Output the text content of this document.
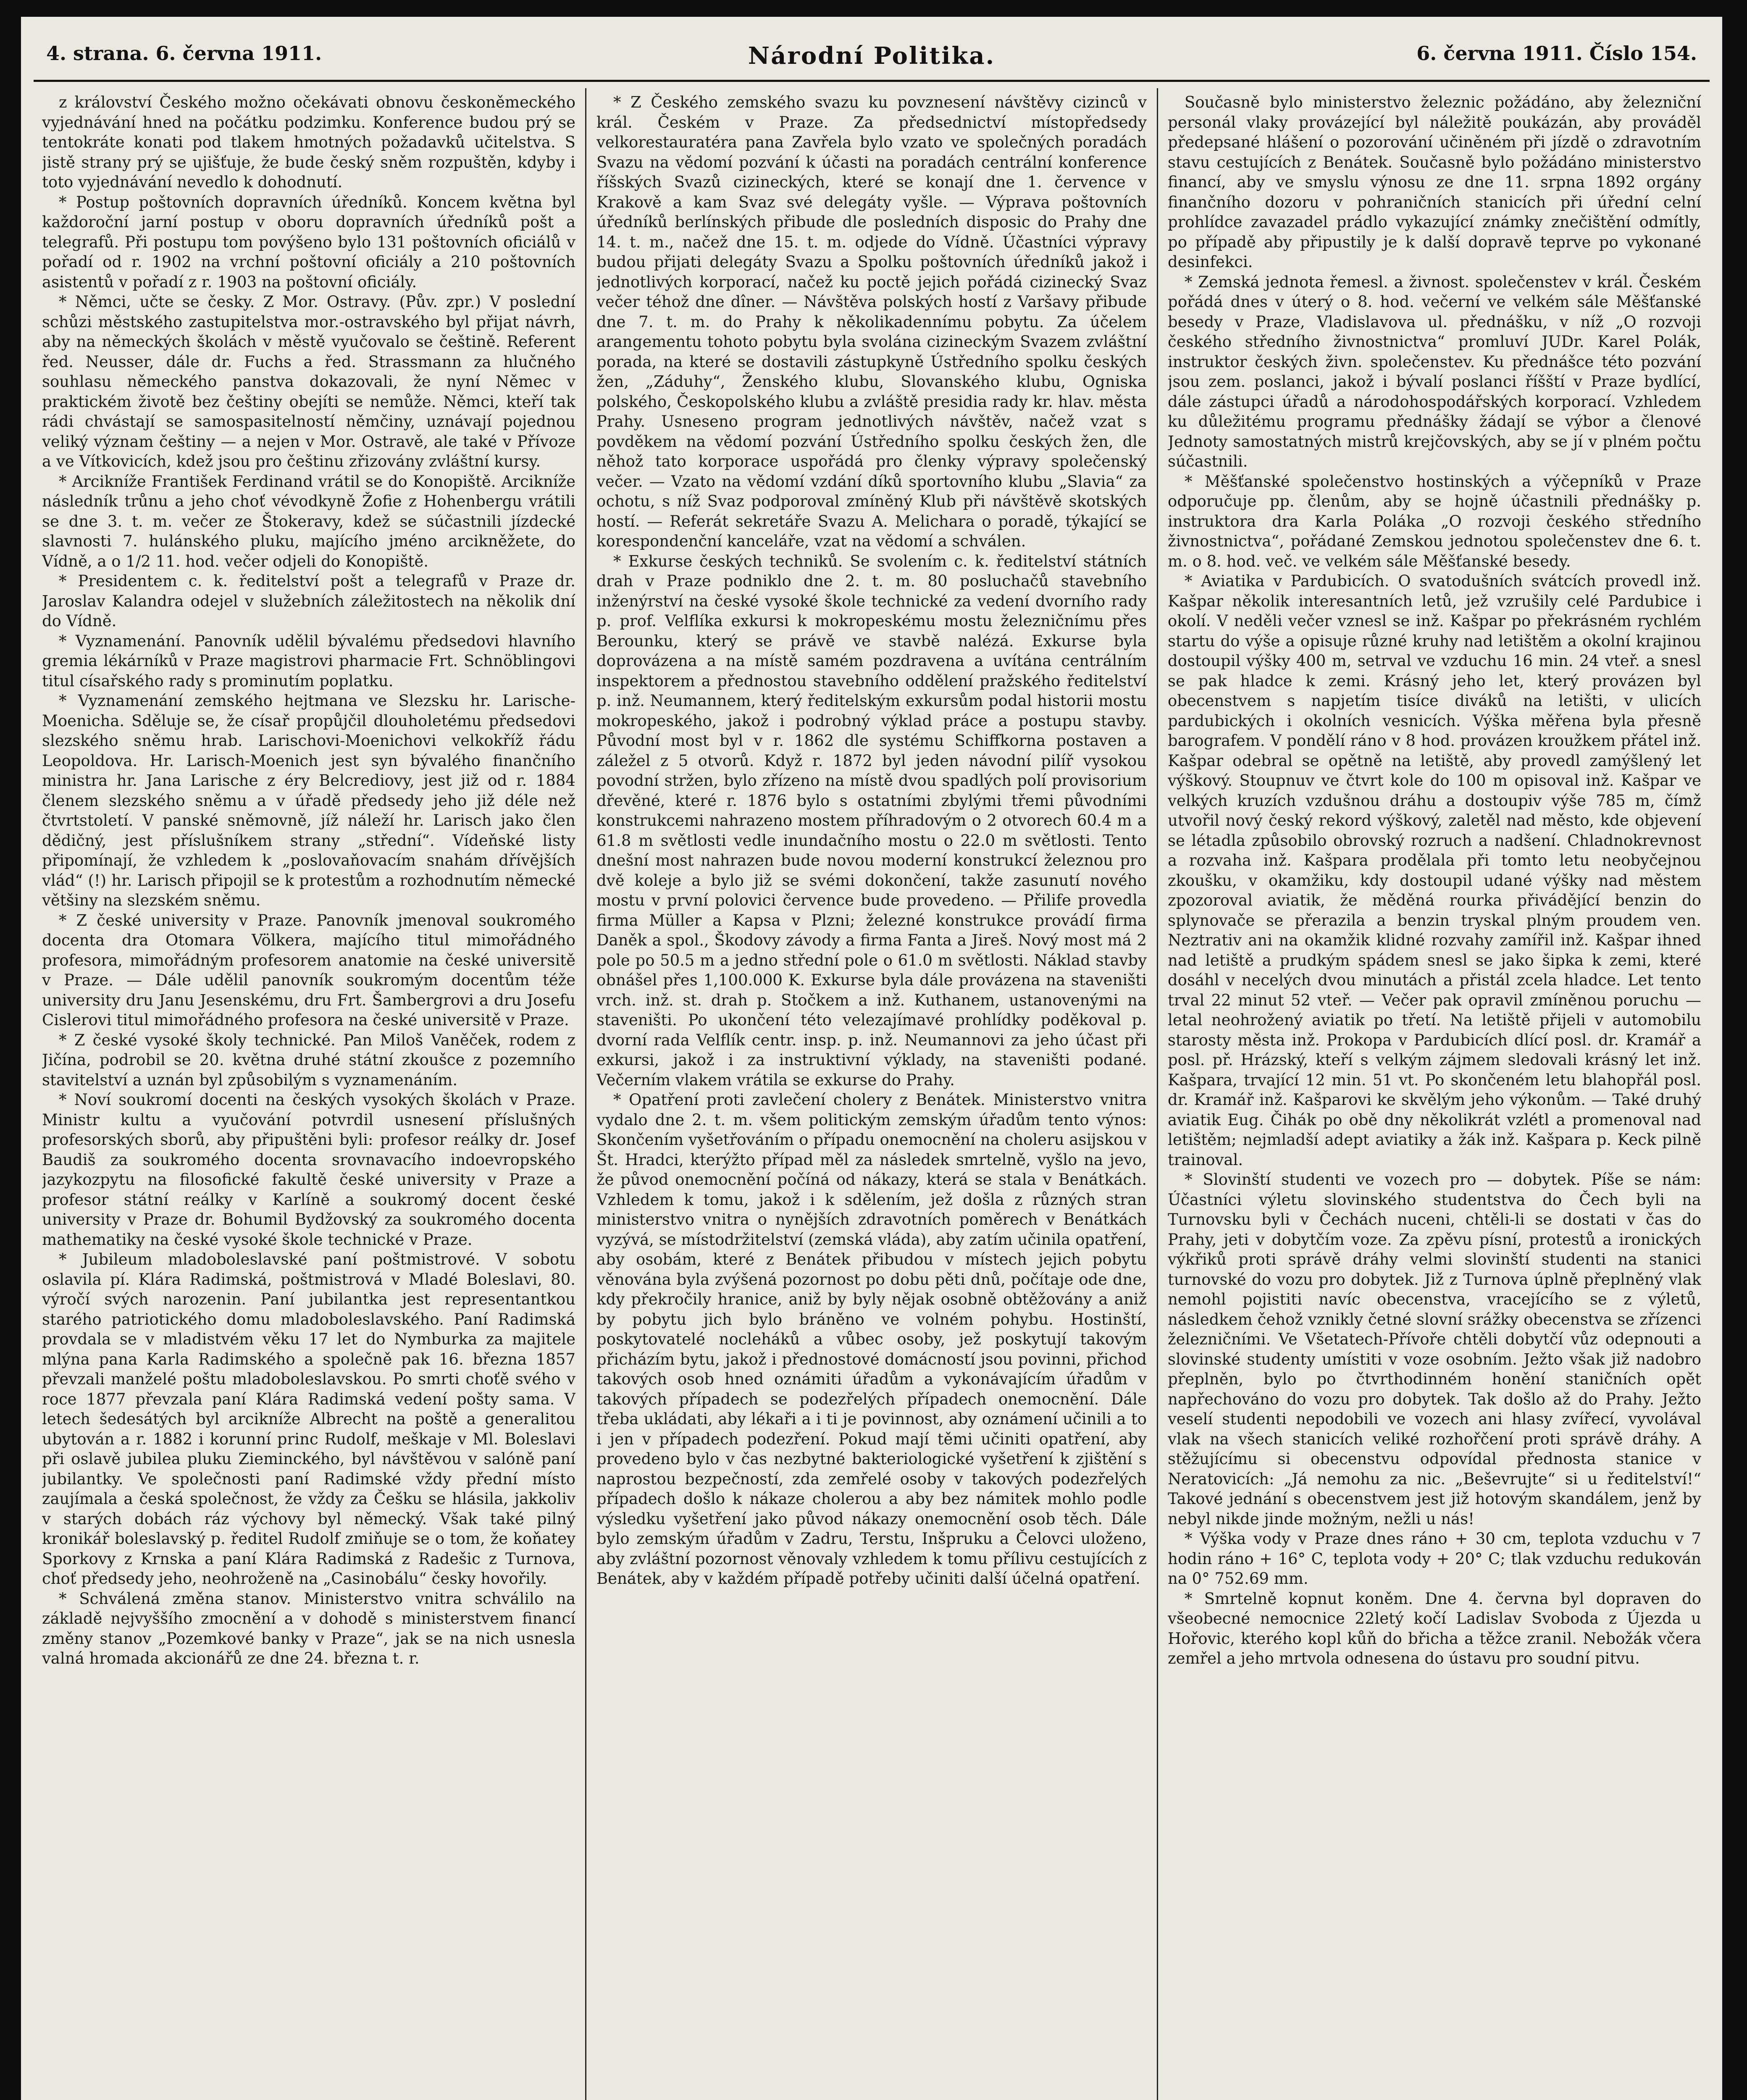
4. strana. 6. června 1911.	Národní Politika.	6. června 1911. Číslo 154.

z království Českého možno očekávati obnovu českoněmeckého vyjednávání hned na počátku podzimku. Konference budou prý se tentokráte konati pod tlakem hmotných požadavků učitelstva. S jistě strany prý se ujišťuje, že bude český sněm rozpuštěn, kdyby i toto vyjednávání nevedlo k dohodnutí.

* Postup poštovních dopravních úředníků. Koncem května byl každoroční jarní postup v oboru dopravních úředníků pošt a telegrafů. Při postupu tom povýšeno bylo 131 poštovních oficiálů v pořadí od r. 1902 na vrchní poštovní oficiály a 210 poštovních asistentů v pořadí z r. 1903 na poštovní oficiály.

* Němci, učte se česky. Z Mor. Ostravy. (Pův. zpr.) V poslední schůzi městského zastupitelstva mor.-ostravského byl přijat návrh, aby na německých školách v městě vyučovalo se češtině. Referent řed. Neusser, dále dr. Fuchs a řed. Strassmann za hlučného souhlasu německého panstva dokazovali, že nyní Němec v praktickém životě bez češtiny obejíti se nemůže. Němci, kteří tak rádi chvástají se samospasitelností němčiny, uznávají pojednou veliký význam češtiny — a nejen v Mor. Ostravě, ale také v Přívoze a ve Vítkovicích, kdež jsou pro češtinu zřizovány zvláštní kursy.

* Arcikníže František Ferdinand vrátil se do Konopiště. Arcikníže následník trůnu a jeho choť vévodkyně Žofie z Hohenbergu vrátili se dne 3. t. m. večer ze Štokeravy, kdež se súčastnili jízdecké slavnosti 7. hulánského pluku, majícího jméno arcikněžete, do Vídně, a o 1/2 11. hod. večer odjeli do Konopiště.

* Presidentem c. k. ředitelství pošt a telegrafů v Praze dr. Jaroslav Kalandra odejel v služebních záležitostech na několik dní do Vídně.

* Vyznamenání. Panovník udělil bývalému předsedovi hlavního gremia lékárníků v Praze magistrovi pharmacie Frt. Schnöblingovi titul císařského rady s prominutím poplatku.

* Vyznamenání zemského hejtmana ve Slezsku hr. Larische-Moenicha. Sděluje se, že císař propůjčil dlouholetému předsedovi slezského sněmu hrab. Larischovi-Moenichovi velkokříž řádu Leopoldova. Hr. Larisch-Moenich jest syn bývalého finančního ministra hr. Jana Larische z éry Belcrediovy, jest již od r. 1884 členem slezského sněmu a v úřadě předsedy jeho již déle než čtvrtstoletí. V panské sněmovně, jíž náleží hr. Larisch jako člen dědičný, jest příslušníkem strany „střední“. Vídeňské listy připomínají, že vzhledem k „poslovaňovacím snahám dřívějších vlád“ (!) hr. Larisch připojil se k protestům a rozhodnutím německé většiny na slezském sněmu.

* Z české university v Praze. Panovník jmenoval soukromého docenta dra Otomara Völkera, majícího titul mimořádného profesora, mimořádným profesorem anatomie na české universitě v Praze. — Dále udělil panovník soukromým docentům téže university dru Janu Jesenskému, dru Frt. Šambergrovi a dru Josefu Cislerovi titul mimořádného profesora na české universitě v Praze.

* Z české vysoké školy technické. Pan Miloš Vaněček, rodem z Jičína, podrobil se 20. května druhé státní zkoušce z pozemního stavitelství a uznán byl způsobilým s vyznamenáním.

* Noví soukromí docenti na českých vysokých školách v Praze. Ministr kultu a vyučování potvrdil usnesení příslušných profesorských sborů, aby připuštěni byli: profesor reálky dr. Josef Baudiš za soukromého docenta srovnavacího indoevropského jazykozpytu na filosofické fakultě české university v Praze a profesor státní reálky v Karlíně a soukromý docent české university v Praze dr. Bohumil Bydžovský za soukromého docenta mathematiky na české vysoké škole technické v Praze.

* Jubileum mladoboleslavské paní poštmistrové. V sobotu oslavila pí. Klára Radimská, poštmistrová v Mladé Boleslavi, 80. výročí svých narozenin. Paní jubilantka jest representantkou starého patriotického domu mladoboleslavského. Paní Radimská provdala se v mladistvém věku 17 let do Nymburka za majitele mlýna pana Karla Radimského a společně pak 16. března 1857 převzali manželé poštu mladoboleslavskou. Po smrti choťě svého v roce 1877 převzala paní Klára Radimská vedení pošty sama. V letech šedesátých byl arcikníže Albrecht na poště a generalitou ubytován a r. 1882 i korunní princ Rudolf, meškaje v Ml. Boleslavi při oslavě jubilea pluku Zieminckého, byl návštěvou v salóně paní jubilantky. Ve společnosti paní Radimské vždy přední místo zaujímala a česká společnost, že vždy za Češku se hlásila, jakkoliv v starých dobách ráz výchovy byl německý. Však také pilný kronikář boleslavský p. ředitel Rudolf zmiňuje se o tom, že koňatey Sporkovy z Krnska a paní Klára Radimská z Radešic z Turnova, choť předsedy jeho, neohroženě na „Casinobálu“ česky hovořily.

* Schválená změna stanov. Ministerstvo vnitra schválilo na základě nejvyššího zmocnění a v dohodě s ministerstvem financí změny stanov „Pozemkové banky v Praze“, jak se na nich usnesla valná hromada akcionářů ze dne 24. března t. r.

* Z Českého zemského svazu ku povznesení návštěvy cizinců v král. Českém v Praze. Za předsednictví místopředsedy velkorestauratéra pana Zavřela bylo vzato ve společných poradách Svazu na vědomí pozvání k účasti na poradách centrální konference říšských Svazů cizineckých, které se konají dne 1. července v Krakově a kam Svaz své delegáty vyšle. — Výprava poštovních úředníků berlínských přibude dle posledních disposic do Prahy dne 14. t. m., načež dne 15. t. m. odjede do Vídně. Účastníci výpravy budou přijati delegáty Svazu a Spolku poštovních úředníků jakož i jednotlivých korporací, načež ku poctě jejich pořádá cizinecký Svaz večer téhož dne dîner. — Návštěva polských hostí z Varšavy přibude dne 7. t. m. do Prahy k několikadennímu pobytu. Za účelem arangementu tohoto pobytu byla svolána cizineckým Svazem zvláštní porada, na které se dostavili zástupkyně Ústředního spolku českých žen, „Záduhy“, Ženského klubu, Slovanského klubu, Ogniska polského, Českopolského klubu a zvláště presidia rady kr. hlav. města Prahy. Usneseno program jednotlivých návštěv, načež vzat s povděkem na vědomí pozvání Ústředního spolku českých žen, dle něhož tato korporace uspořádá pro členky výpravy společenský večer. — Vzato na vědomí vzdání díků sportovního klubu „Slavia“ za ochotu, s níž Svaz podporoval zmíněný Klub při návštěvě skotských hostí. — Referát sekretáře Svazu A. Melichara o poradě, týkající se korespondenční kanceláře, vzat na vědomí a schválen.

* Exkurse českých techniků. Se svolením c. k. ředitelství státních drah v Praze podniklo dne 2. t. m. 80 posluchačů stavebního inženýrství na české vysoké škole technické za vedení dvorního rady p. prof. Velflíka exkursi k mokropeskému mostu železničnímu přes Berounku, který se právě ve stavbě nalézá. Exkurse byla doprovázena a na místě samém pozdravena a uvítána centrálním inspektorem a přednostou stavebního oddělení pražského ředitelství p. inž. Neumannem, který ředitelským exkursům podal historii mostu mokropeského, jakož i podrobný výklad práce a postupu stavby. Původní most byl v r. 1862 dle systému Schiffkorna postaven a záležel z 5 otvorů. Když r. 1872 byl jeden návodní pilíř vysokou povodní stržen, bylo zřízeno na místě dvou spadlých polí provisorium dřevěné, které r. 1876 bylo s ostatními zbylými třemi původními konstrukcemi nahrazeno mostem příhradovým o 2 otvorech 60.4 m a 61.8 m světlosti vedle inundačního mostu o 22.0 m světlosti. Tento dnešní most nahrazen bude novou moderní konstrukcí železnou pro dvě koleje a bylo již se svémi dokončení, takže zasunutí nového mostu v první polovici července bude provedeno. — Přilife provedla firma Müller a Kapsa v Plzni; železné konstrukce provádí firma Daněk a spol., Škodovy závody a firma Fanta a Jireš. Nový most má 2 pole po 50.5 m a jedno střední pole o 61.0 m světlosti. Náklad stavby obnášel přes 1,100.000 K. Exkurse byla dále provázena na staveništi vrch. inž. st. drah p. Stočkem a inž. Kuthanem, ustanovenými na staveništi. Po ukončení této velezajímavé prohlídky poděkoval p. dvorní rada Velflík centr. insp. p. inž. Neumannovi za jeho účast při exkursi, jakož i za instruktivní výklady, na staveništi podané. Večerním vlakem vrátila se exkurse do Prahy.

* Opatření proti zavlečení cholery z Benátek. Ministerstvo vnitra vydalo dne 2. t. m. všem politickým zemským úřadům tento výnos: Skončením vyšetřováním o případu onemocnění na choleru asijskou v Št. Hradci, kterýžto případ měl za následek smrtelně, vyšlo na jevo, že původ onemocnění počíná od nákazy, která se stala v Benátkách. Vzhledem k tomu, jakož i k sdělením, jež došla z různých stran ministerstvo vnitra o nynějších zdravotních poměrech v Benátkách vyzývá, se místodržitelství (zemská vláda), aby zatím učinila opatření, aby osobám, které z Benátek přibudou v místech jejich pobytu věnována byla zvýšená pozornost po dobu pěti dnů, počítaje ode dne, kdy překročily hranice, aniž by byly nějak osobně obtěžovány a aniž by pobytu jich bylo bráněno ve volném pohybu. Hostinští, poskytovatelé nocleháků a vůbec osoby, jež poskytují takovým přicházím bytu, jakož i přednostové domácností jsou povinni, přichod takových osob hned oznámiti úřadům a vykonávajícím úřadům v takových případech se podezřelých případech onemocnění. Dále třeba ukládati, aby lékaři a i ti je povinnost, aby oznámení učinili a to i jen v případech podezření. Pokud mají těmi učiniti opatření, aby provedeno bylo v čas nezbytné bakteriologické vyšetření k zjištění s naprostou bezpečností, zda zemřelé osoby v takových podezřelých případech došlo k nákaze cholerou a aby bez námitek mohlo podle výsledku vyšetření jako původ nákazy onemocnění osob těch. Dále bylo zemským úřadům v Zadru, Terstu, Inšpruku a Čelovci uloženo, aby zvláštní pozornost věnovaly vzhledem k tomu přílivu cestujících z Benátek, aby v každém případě potřeby učiniti další účelná opatření.

Současně bylo ministerstvo železnic požádáno, aby železniční personál vlaky provázející byl náležitě poukázán, aby prováděl předepsané hlášení o pozorování učiněném při jízdě o zdravotním stavu cestujících z Benátek. Současně bylo požádáno ministerstvo financí, aby ve smyslu výnosu ze dne 11. srpna 1892 orgány finančního dozoru v pohraničních stanicích při úřední celní prohlídce zavazadel prádlo vykazující známky znečištění odmítly, po případě aby připustily je k další dopravě teprve po vykonané desinfekci.

* Zemská jednota řemesl. a živnost. společenstev v král. Českém pořádá dnes v úterý o 8. hod. večerní ve velkém sále Měšťanské besedy v Praze, Vladislavova ul. přednášku, v níž „O rozvoji českého středního živnostnictva“ promluví JUDr. Karel Polák, instruktor českých živn. společenstev. Ku přednášce této pozvání jsou zem. poslanci, jakož i bývalí poslanci říšští v Praze bydlící, dále zástupci úřadů a národohospodářských korporací. Vzhledem ku důležitému programu přednášky žádají se výbor a členové Jednoty samostatných mistrů krejčovských, aby se jí v plném počtu súčastnili.

* Měšťanské společenstvo hostinských a výčepníků v Praze odporučuje pp. členům, aby se hojně účastnili přednášky p. instruktora dra Karla Poláka „O rozvoji českého středního živnostnictva“, pořádané Zemskou jednotou společenstev dne 6. t. m. o 8. hod. več. ve velkém sále Měšťanské besedy.

* Aviatika v Pardubicích. O svatodušních svátcích provedl inž. Kašpar několik interesantních letů, jež vzrušily celé Pardubice i okolí. V neděli večer vznesl se inž. Kašpar po překrásném rychlém startu do výše a opisuje různé kruhy nad letištěm a okolní krajinou dostoupil výšky 400 m, setrval ve vzduchu 16 min. 24 vteř. a snesl se pak hladce k zemi. Krásný jeho let, který provázen byl obecenstvem s napjetím tisíce diváků na letišti, v ulicích pardubických i okolních vesnicích. Výška měřena byla přesně barografem. V pondělí ráno v 8 hod. provázen kroužkem přátel inž. Kašpar odebral se opětně na letiště, aby provedl zamýšlený let výškový. Stoupnuv ve čtvrt kole do 100 m opisoval inž. Kašpar ve velkých kruzích vzdušnou dráhu a dostoupiv výše 785 m, čímž utvořil nový český rekord výškový, zaletěl nad město, kde objevení se létadla způsobilo obrovský rozruch a nadšení. Chladnokrevnost a rozvaha inž. Kašpara prodělala při tomto letu neobyčejnou zkoušku, v okamžiku, kdy dostoupil udané výšky nad městem zpozoroval aviatik, že měděná rourka přivádějící benzin do splynovače se přerazila a benzin tryskal plným proudem ven. Neztrativ ani na okamžik klidné rozvahy zamířil inž. Kašpar ihned nad letiště a prudkým spádem snesl se jako šipka k zemi, které dosáhl v necelých dvou minutách a přistál zcela hladce. Let tento trval 22 minut 52 vteř. — Večer pak opravil zmíněnou poruchu — letal neohrožený aviatik po třetí. Na letiště přijeli v automobilu starosty města inž. Prokopa v Pardubicích dlící posl. dr. Kramář a posl. př. Hrázský, kteří s velkým zájmem sledovali krásný let inž. Kašpara, trvající 12 min. 51 vt. Po skončeném letu blahopřál posl. dr. Kramář inž. Kašparovi ke skvělým jeho výkonům. — Také druhý aviatik Eug. Čihák po obě dny několikrát vzlétl a promenoval nad letištěm; nejmladší adept aviatiky a žák inž. Kašpara p. Keck pilně trainoval.

* Slovinští studenti ve vozech pro — dobytek. Píše se nám: Účastníci výletu slovinského studentstva do Čech byli na Turnovsku byli v Čechách nuceni, chtěli-li se dostati v čas do Prahy, jeti v dobytčím voze. Za zpěvu písní, protestů a ironických výkřiků proti správě dráhy velmi slovinští studenti na stanici turnovské do vozu pro dobytek. Již z Turnova úplně přeplněný vlak nemohl pojistiti navíc obecenstva, vracejícího se z výletů, následkem čehož vznikly četné slovní srážky obecenstva se zřízenci železničními. Ve Všetatech-Přívoře chtěli dobytčí vůz odepnouti a slovinské studenty umístiti v voze osobním. Ježto však již nadobro přeplněn, bylo po čtvrthodinném honění staničních opět napřechováno do vozu pro dobytek. Tak došlo až do Prahy. Ježto veselí studenti nepodobili ve vozech ani hlasy zvířecí, vyvolával vlak na všech stanicích veliké rozhořčení proti správě dráhy. A stěžujícímu si obecenstvu odpovídal přednosta stanice v Neratovicích: „Já nemohu za nic. „Beševrujte“ si u ředitelství!“ Takové jednání s obecenstvem jest již hotovým skandálem, jenž by nebyl nikde jinde možným, nežli u nás!

* Výška vody v Praze dnes ráno + 30 cm, teplota vzduchu v 7 hodin ráno + 16° C, teplota vody + 20° C; tlak vzduchu redukován na 0° 752.69 mm.

* Smrtelně kopnut koněm. Dne 4. června byl dopraven do všeobecné nemocnice 22letý kočí Ladislav Svoboda z Újezda u Hořovic, kterého kopl kůň do břicha a těžce zranil. Nebožák včera zemřel a jeho mrtvola odnesena do ústavu pro soudní pitvu.
